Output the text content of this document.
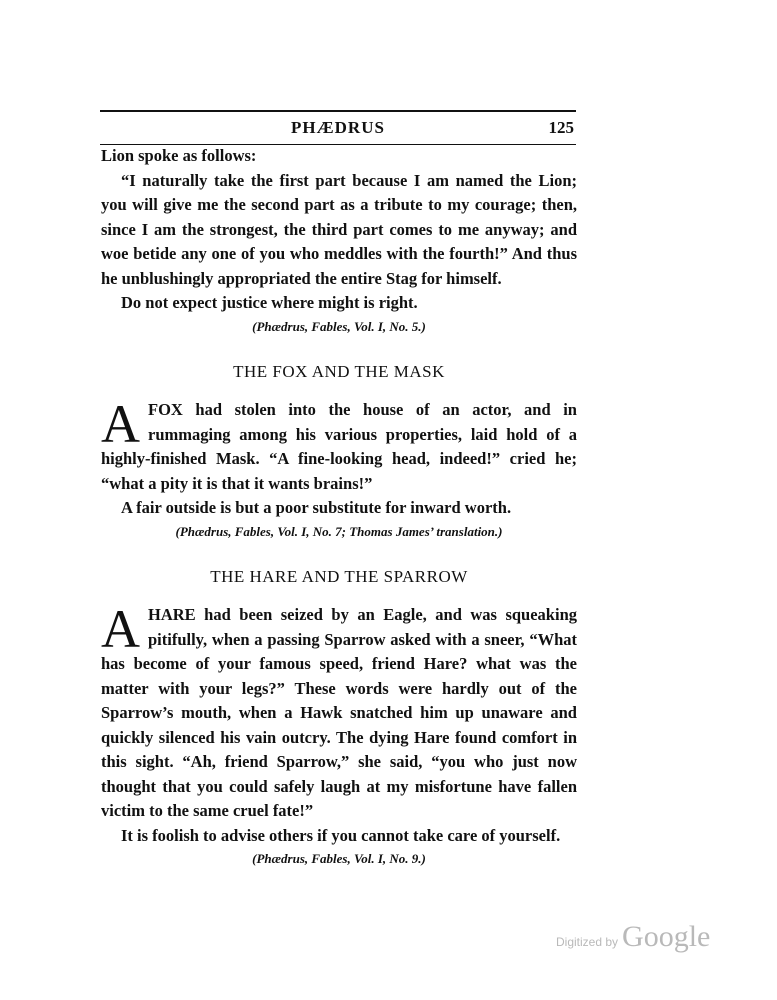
PHÆDRUS	125

Lion spoke as follows:

“I naturally take the first part because I am named the Lion; you will give me the second part as a tribute to my courage; then, since I am the strongest, the third part comes to me anyway; and woe betide any one of you who meddles with the fourth!” And thus he unblushingly appropriated the entire Stag for himself.

Do not expect justice where might is right.

(Phædrus, Fables, Vol. I, No. 5.)

THE FOX AND THE MASK

AFOX had stolen into the house of an actor, and in rummaging among his various properties, laid hold of a highly-finished Mask. “A fine-looking head, indeed!” cried he; “what a pity it is that it wants brains!”

A fair outside is but a poor substitute for inward worth.

(Phædrus, Fables, Vol. I, No. 7; Thomas James’ translation.)

THE HARE AND THE SPARROW

AHARE had been seized by an Eagle, and was squeaking pitifully, when a passing Sparrow asked with a sneer, “What has become of your famous speed, friend Hare? what was the matter with your legs?” These words were hardly out of the Sparrow’s mouth, when a Hawk snatched him up unaware and quickly silenced his vain outcry. The dying Hare found comfort in this sight. “Ah, friend Sparrow,” she said, “you who just now thought that you could safely laugh at my misfortune have fallen victim to the same cruel fate!”

It is foolish to advise others if you cannot take care of yourself.

(Phædrus, Fables, Vol. I, No. 9.)

Digitized by Google
